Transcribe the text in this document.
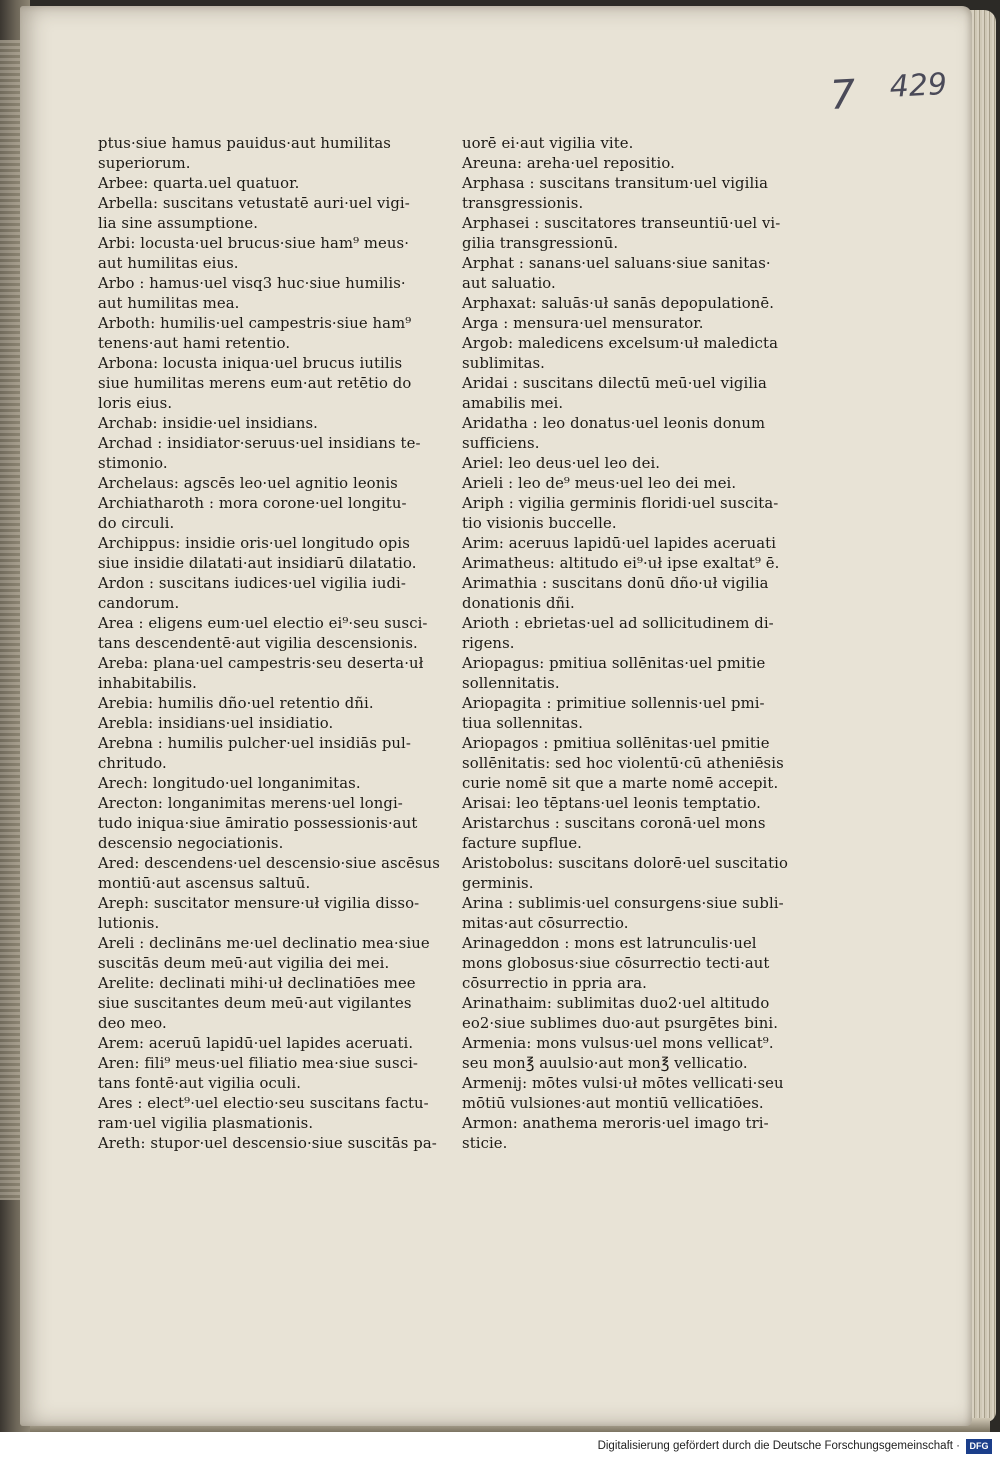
7 429
ptus·siue hamus pauidus·aut humilitas
superiorum.
Arbee: quarta.uel quatuor.
Arbella: suscitans vetustatē auri·uel vigi-
lia sine assumptione.
Arbi: locusta·uel brucus·siue ham⁹ meus·
aut humilitas eius.
Arbo : hamus·uel visq3 huc·siue humilis·
aut humilitas mea.
Arboth: humilis·uel campestris·siue ham⁹
tenens·aut hami retentio.
Arbona: locusta iniqua·uel brucus iutilis
siue humilitas merens eum·aut retētio do
loris eius.
Archab: insidie·uel insidians.
Archad : insidiator·seruus·uel insidians te-
stimonio.
Archelaus: agscēs leo·uel agnitio leonis
Archiatharoth : mora corone·uel longitu-
do circuli.
Archippus: insidie oris·uel longitudo opis
siue insidie dilatati·aut insidiarū dilatatio.
Ardon : suscitans iudices·uel vigilia iudi-
candorum.
Area : eligens eum·uel electio ei⁹·seu susci-
tans descendentē·aut vigilia descensionis.
Areba: plana·uel campestris·seu deserta·uł
inhabitabilis.
Arebia: humilis dño·uel retentio dñi.
Arebla: insidians·uel insidiatio.
Arebna : humilis pulcher·uel insidiās pul-
chritudo.
Arech: longitudo·uel longanimitas.
Arecton: longanimitas merens·uel longi-
tudo iniqua·siue āmiratio possessionis·aut
descensio negociationis.
Ared: descendens·uel descensio·siue ascēsus
montiū·aut ascensus saltuū.
Areph: suscitator mensure·uł vigilia disso-
lutionis.
Areli : declināns me·uel declinatio mea·siue
suscitās deum meū·aut vigilia dei mei.
Arelite: declinati mihi·uł declinatiōes mee
siue suscitantes deum meū·aut vigilantes
deo meo.
Arem: aceruū lapidū·uel lapides aceruati.
Aren: fili⁹ meus·uel filiatio mea·siue susci-
tans fontē·aut vigilia oculi.
Ares : elect⁹·uel electio·seu suscitans factu-
ram·uel vigilia plasmationis.
Areth: stupor·uel descensio·siue suscitās pa-
uorē ei·aut vigilia vite.
Areuna: areha·uel repositio.
Arphasa : suscitans transitum·uel vigilia
transgressionis.
Arphasei : suscitatores transeuntiū·uel vi-
gilia transgressionū.
Arphat : sanans·uel saluans·siue sanitas·
aut saluatio.
Arphaxat: saluās·uł sanās depopulationē.
Arga : mensura·uel mensurator.
Argob: maledicens excelsum·uł maledicta
sublimitas.
Aridai : suscitans dilectū meū·uel vigilia
amabilis mei.
Aridatha : leo donatus·uel leonis donum
sufficiens.
Ariel: leo deus·uel leo dei.
Arieli : leo de⁹ meus·uel leo dei mei.
Ariph : vigilia germinis floridi·uel suscita-
tio visionis buccelle.
Arim: aceruus lapidū·uel lapides aceruati
Arimatheus: altitudo ei⁹·uł ipse exaltat⁹ ē.
Arimathia : suscitans donū dño·uł vigilia
donationis dñi.
Arioth : ebrietas·uel ad sollicitudinem di-
rigens.
Ariopagus: pmitiua sollēnitas·uel pmitie
sollennitatis.
Ariopagita : primitiue sollennis·uel pmi-
tiua sollennitas.
Ariopagos : pmitiua sollēnitas·uel pmitie
sollēnitatis: sed hoc violentū·cū atheniēsis
curie nomē sit que a marte nomē accepit.
Arisai: leo tēptans·uel leonis temptatio.
Aristarchus : suscitans coronā·uel mons
facture supflue.
Aristobolus: suscitans dolorē·uel suscitatio
germinis.
Arina : sublimis·uel consurgens·siue subli-
mitas·aut cōsurrectio.
Arinageddon : mons est latrunculis·uel
mons globosus·siue cōsurrectio tecti·aut
cōsurrectio in ppria ara.
Arinathaim: sublimitas duo2·uel altitudo
eo2·siue sublimes duo·aut psurgētes bini.
Armenia: mons vulsus·uel mons vellicat⁹.
seu mon℥ auulsio·aut mon℥ vellicatio.
Armenij: mōtes vulsi·uł mōtes vellicati·seu
mōtiū vulsiones·aut montiū vellicatiōes.
Armon: anathema meroris·uel imago tri-
sticie.
Digitalisierung gefördert durch die Deutsche Forschungsgemeinschaft ·	DFG
